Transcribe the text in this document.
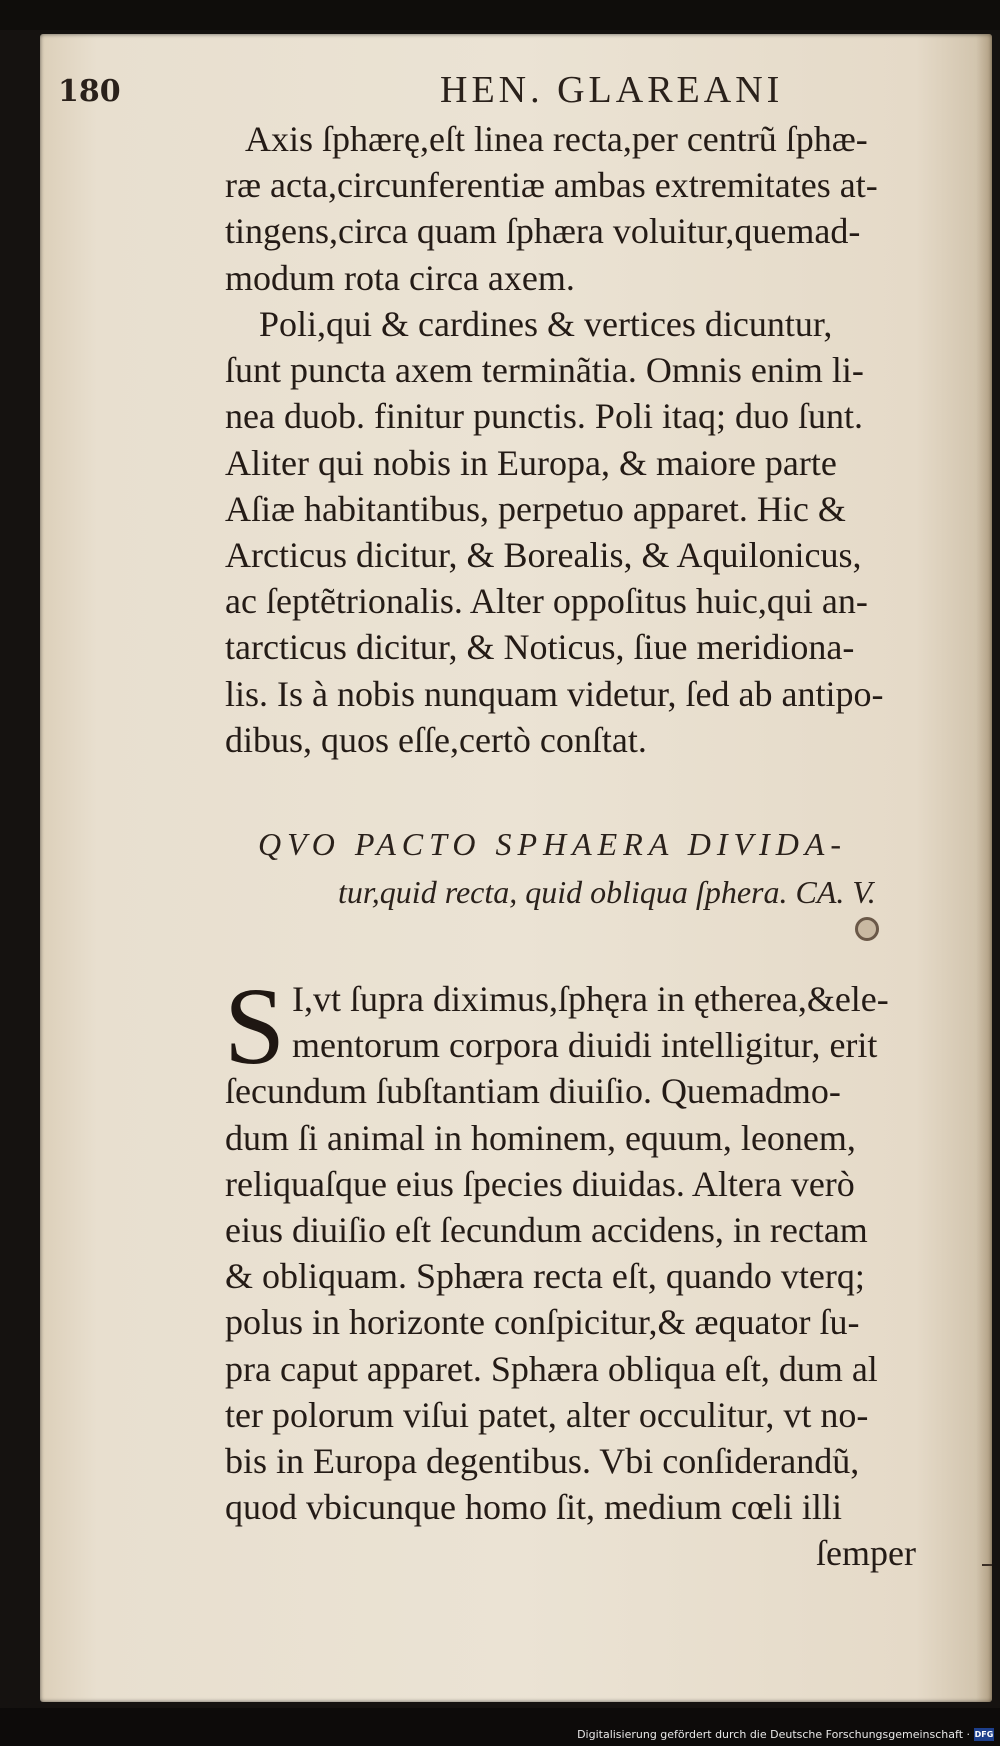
180	HEN. GLAREANI
Axis ſphærę,eſt linea recta,per centrũ ſphæ-
ræ acta,circunferentiæ ambas extremitates at-
tingens,circa quam ſphæra voluitur,quemad-
modum rota circa axem.
Poli,qui & cardines & vertices dicuntur,
ſunt puncta axem terminãtia. Omnis enim li-
nea duob. finitur punctis. Poli itaq; duo ſunt.
Aliter qui nobis in Europa, & maiore parte
Aſiæ habitantibus, perpetuo apparet. Hic &
Arcticus dicitur, & Borealis, & Aquilonicus,
ac ſeptẽtrionalis. Alter oppoſitus huic,qui an-
tarcticus dicitur, & Noticus, ſiue meridiona-
lis. Is à nobis nunquam videtur, ſed ab antipo-
dibus, quos eſſe,certò conſtat.
QVO PACTO SPHAERA DIVIDA-
tur,quid recta, quid obliqua ſphera. CA. V.
S I,vt ſupra diximus,ſphęra in ętherea,&ele-
mentorum corpora diuidi intelligitur, erit
ſecundum ſubſtantiam diuiſio. Quemadmo-
dum ſi animal in hominem, equum, leonem,
reliquaſque eius ſpecies diuidas. Altera verò
eius diuiſio eſt ſecundum accidens, in rectam
& obliquam. Sphæra recta eſt, quando vterq;
polus in horizonte conſpicitur,& æquator ſu-
pra caput apparet. Sphæra obliqua eſt, dum al
ter polorum viſui patet, alter occulitur, vt no-
bis in Europa degentibus. Vbi conſiderandũ,
quod vbicunque homo ſit, medium cœli illi
ſemper
Digitalisierung gefördert durch die Deutsche Forschungsgemeinschaft · DFG
